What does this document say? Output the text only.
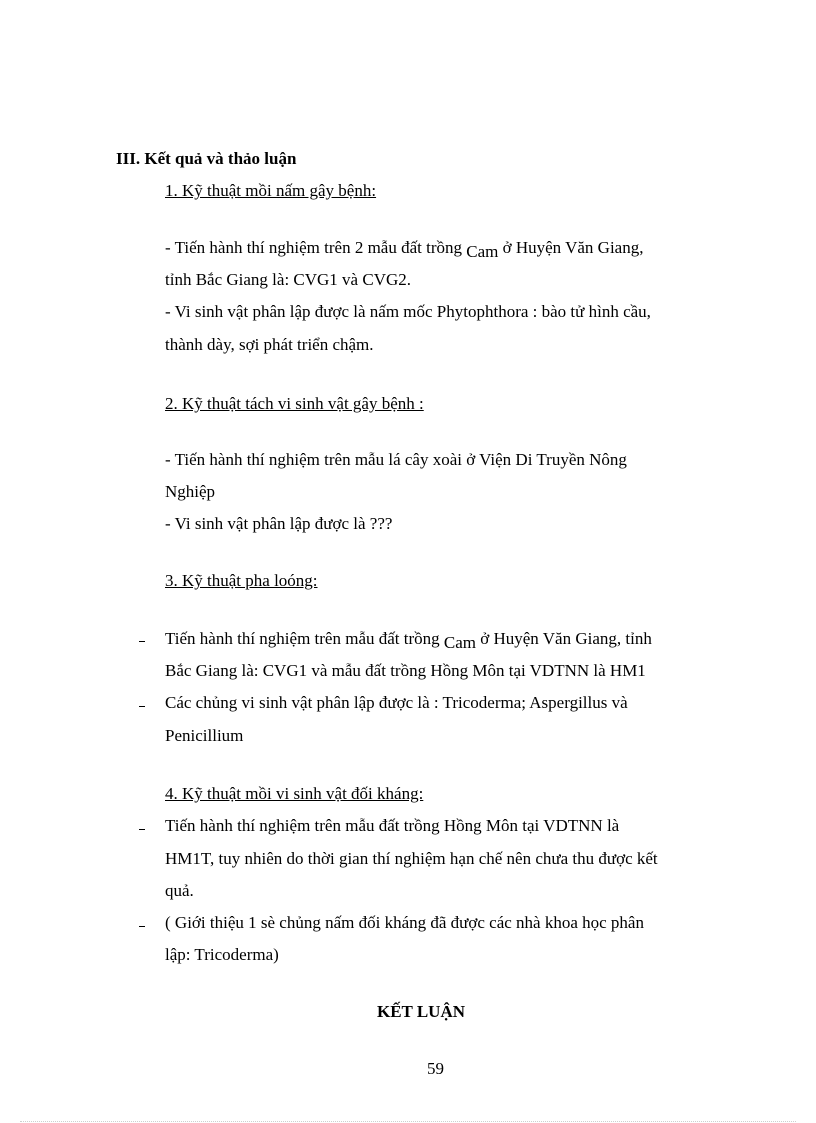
III. Kết quả và thảo luận
1. Kỹ thuật mồi nấm gây bệnh:
- Tiến hành thí nghiệm trên 2 mẫu đất trồng Cam ở Huyện Văn Giang,
tỉnh Bắc Giang là: CVG1 và CVG2.
- Vi sinh vật phân lập được là nấm mốc Phytophthora : bào tử hình cầu,
thành dày, sợi phát triển chậm.
2. Kỹ thuật tách vi sinh vật gây bệnh :
- Tiến hành thí nghiệm trên mẫu lá cây xoài ở Viện Di Truyền Nông
Nghiệp
- Vi sinh vật phân lập được là ???
3. Kỹ thuật pha loóng:
Tiến hành thí nghiệm trên mẫu đất trồng Cam ở Huyện Văn Giang, tỉnh
Bắc Giang là: CVG1 và mẫu đất trồng Hồng Môn tại VDTNN là HM1
Các chủng vi sinh vật phân lập được là : Tricoderma; Aspergillus và
Penicillium
4. Kỹ thuật mồi vi sinh vật đối kháng:
Tiến hành thí nghiệm trên mẫu đất trồng Hồng Môn tại VDTNN là
HM1T, tuy nhiên do thời gian thí nghiệm hạn chế nên chưa thu được kết
quả.
( Giới thiệu 1 sè chủng nấm đối kháng đã được các nhà khoa học phân
lập: Tricoderma)
KẾT LUẬN
59
